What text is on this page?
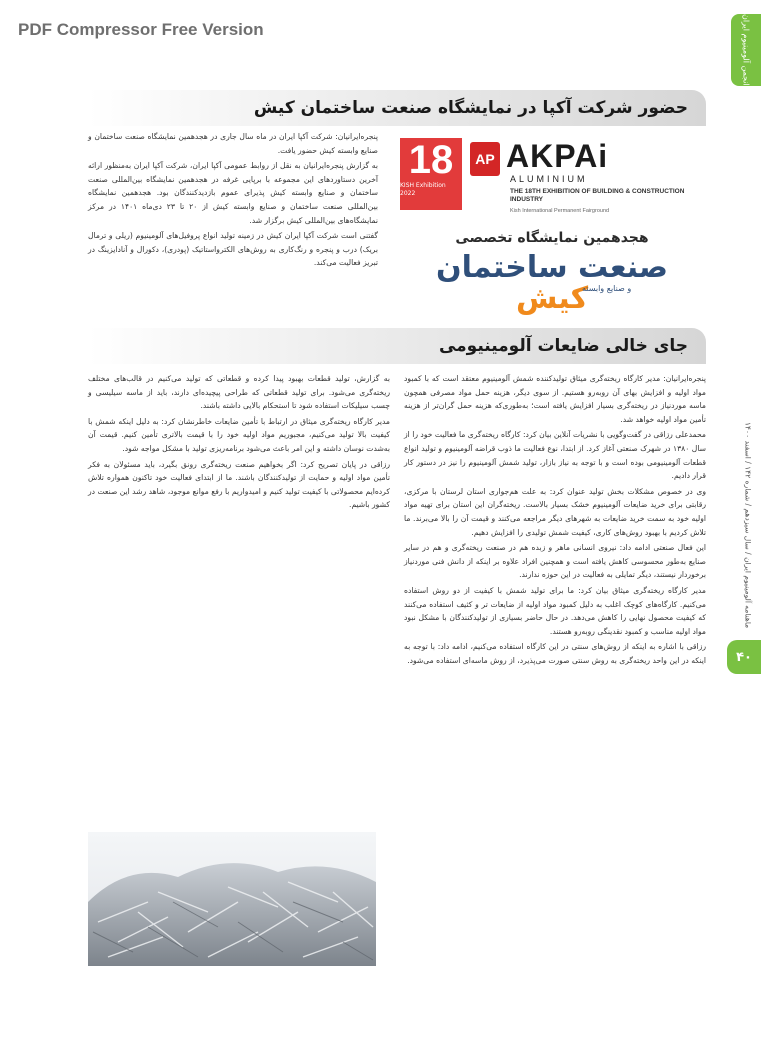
PDF Compressor Free Version	انجمن آلومینیوم ایران
ماهنامه آلومینیوم ایران / سال سیزدهم / شماره ۱۴۲ / اسفند ۱۴۰۰
۴۰
حضور شرکت آکپا در نمایشگاه صنعت ساختمان کیش

پنجره‌ایرانیان: شرکت آکپا ایران در ماه سال جاری در هجدهمین نمایشگاه صنعت ساختمان و صنایع وابسته کیش حضور یافت.

به گزارش پنجره‌ایرانیان به نقل از روابط عمومی آکپا ایران، شرکت آکپا ایران به‌منظور ارائه آخرین دستاوردهای این مجموعه با برپایی غرفه در هجدهمین نمایشگاه بین‌المللی صنعت ساختمان و صنایع وابسته کیش پذیرای عموم بازدیدکنندگان بود. هجدهمین نمایشگاه بین‌المللی صنعت ساختمان و صنایع وابسته کیش از ۲۰ تا ۲۳ دی‌ماه ۱۴۰۱ در مرکز نمایشگاه‌های بین‌المللی کیش برگزار شد.

گفتنی است شرکت آکپا ایران کیش در زمینه تولید انواع پروفیل‌های آلومینیوم (ریلی و ترمال بریک) درب و پنجره و رنگ‌کاری به روش‌های الکترواستاتیک (پودری)، دکورال و آنادایزینگ در تبریز فعالیت می‌کند.

18
KISH Exhibition 2022
AP AKPAi
ALUMINIUM
THE 18TH EXHIBITION OF BUILDING & CONSTRUCTION INDUSTRY
Kish International Permanent Fairground
هجدهمین نمایشگاه تخصصی
صنعت ساختمان
کیش
و صنایع وابسته
جای خالی ضایعات آلومینیومی

پنجره‌ایرانیان: مدیر کارگاه ریخته‌گری میثاق تولیدکننده شمش آلومینیوم معتقد است که با کمبود مواد اولیه و افزایش بهای آن روبه‌رو هستیم. از سوی دیگر، هزینه حمل مواد مصرفی همچون ماسه موردنیاز در ریخته‌گری بسیار افزایش یافته است؛ به‌طوری‌که هزینه حمل گران‌تر از هزینه تأمین مواد اولیه خواهد شد.

محمدعلی رزاقی در گفت‌وگویی با نشریات آنلاین بیان کرد: کارگاه ریخته‌گری ما فعالیت خود را از سال ۱۳۸۰ در شهرک صنعتی آغاز کرد. از ابتدا، نوع فعالیت ما ذوب قراضه آلومینیوم و تولید انواع قطعات آلومینیومی بوده است و با توجه به نیاز بازار، تولید شمش آلومینیوم را نیز در دستور کار قرار دادیم.

وی در خصوص مشکلات بخش تولید عنوان کرد: به علت هم‌جواری استان لرستان با مرکزی، رقابتی برای خرید ضایعات آلومینیوم خشک بسیار بالاست. ریخته‌گران این استان برای تهیه مواد اولیه خود به سمت خرید ضایعات به شهرهای دیگر مراجعه می‌کنند و قیمت آن را بالا می‌برند. ما تلاش کردیم با بهبود روش‌های کاری، کیفیت شمش تولیدی را افزایش دهیم.

این فعال صنعتی ادامه داد: نیروی انسانی ماهر و زبده هم در صنعت ریخته‌گری و هم در سایر صنایع به‌طور محسوسی کاهش یافته است و همچنین افراد علاوه بر اینکه از دانش فنی موردنیاز برخوردار نیستند، دیگر تمایلی به فعالیت در این حوزه ندارند.

مدیر کارگاه ریخته‌گری میثاق بیان کرد: ما برای تولید شمش با کیفیت از دو روش استفاده می‌کنیم. کارگاه‌های کوچک اغلب به دلیل کمبود مواد اولیه از ضایعات تر و کثیف استفاده می‌کنند که کیفیت محصول نهایی را کاهش می‌دهد. در حال حاضر بسیاری از تولیدکنندگان با مشکل نبود مواد اولیه مناسب و کمبود نقدینگی روبه‌رو هستند.

رزاقی با اشاره به اینکه از روش‌های سنتی در این کارگاه استفاده می‌کنیم، ادامه داد: با توجه به اینکه در این واحد ریخته‌گری به روش سنتی صورت می‌پذیرد، از روش ماسه‌ای استفاده می‌شود.

به گزارش، تولید قطعات بهبود پیدا کرده و قطعاتی که تولید می‌کنیم در قالب‌های مختلف ریخته‌گری می‌شود. برای تولید قطعاتی که طراحی پیچیده‌ای دارند، باید از ماسه سیلیسی و چسب سیلیکات استفاده شود تا استحکام بالایی داشته باشند.

مدیر کارگاه ریخته‌گری میثاق در ارتباط با تأمین ضایعات خاطرنشان کرد: به دلیل اینکه شمش با کیفیت بالا تولید می‌کنیم، مجبوریم مواد اولیه خود را با قیمت بالاتری تأمین کنیم. قیمت آن به‌شدت نوسان داشته و این امر باعث می‌شود برنامه‌ریزی تولید با مشکل مواجه شود.

رزاقی در پایان تصریح کرد: اگر بخواهیم صنعت ریخته‌گری رونق بگیرد، باید مسئولان به فکر تأمین مواد اولیه و حمایت از تولیدکنندگان باشند. ما از ابتدای فعالیت خود تاکنون همواره تلاش کرده‌ایم محصولاتی با کیفیت تولید کنیم و امیدواریم با رفع موانع موجود، شاهد رشد این صنعت در کشور باشیم.
